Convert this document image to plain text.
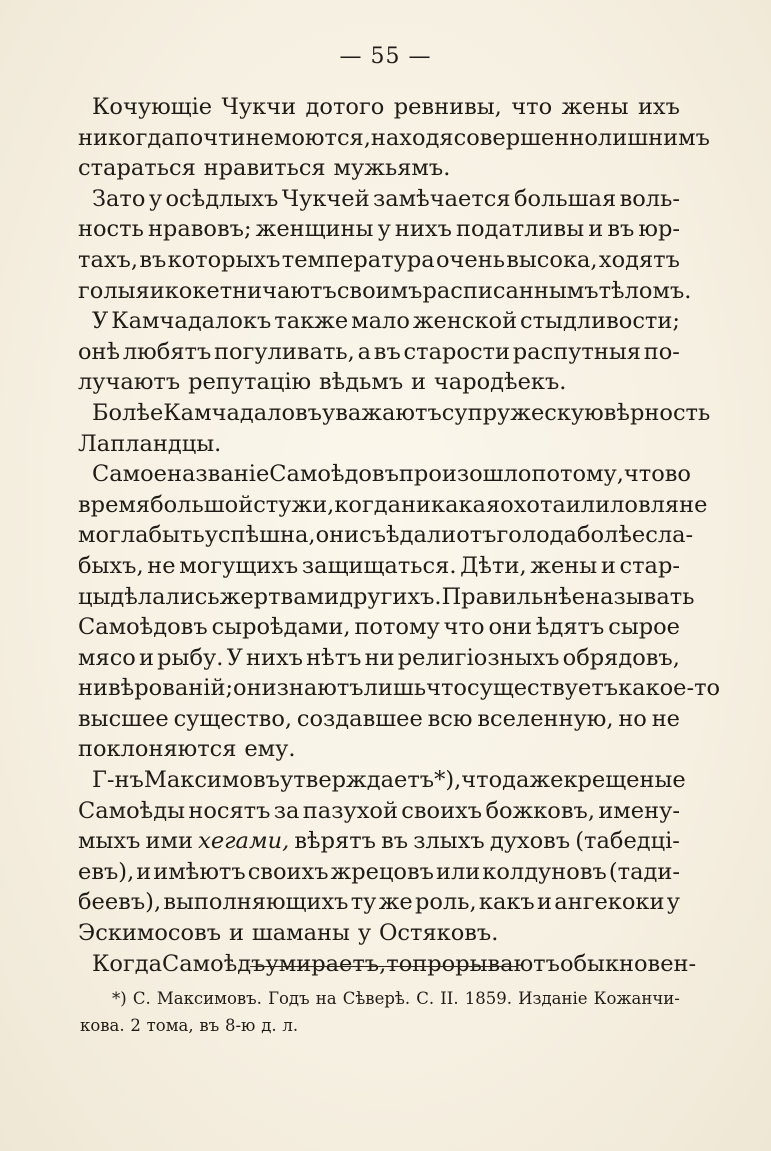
— 55 —
Кочующіе Чукчи дотого ревнивы, что жены ихъ
никогда почти не моются, находя совершенно лишнимъ
стараться нравиться мужьямъ.
Зато у осѣдлыхъ Чукчей замѣчается большая воль-
ность нравовъ; женщины у нихъ податливы и въ юр-
тахъ, въ которыхъ температура очень высока, ходятъ
голыя и кокетничаютъ своимъ расписаннымъ тѣломъ.
У Камчадалокъ также мало женской стыдливости;
онѣ любятъ погуливать, а въ старости распутныя по-
лучаютъ репутацію вѣдьмъ и чародѣекъ.
Болѣе Камчадаловъ уважаютъ супружескую вѣрность
Лапландцы.
Самое названіе Самоѣдовъ произошло потому, что во
время большой стужи, когда никакая охота или ловля не
могла быть успѣшна, они съѣдали отъ голода болѣе сла-
быхъ, не могущихъ защищаться. Дѣти, жены и стар-
цы дѣлались жертвами другихъ. Правильнѣе называть
Самоѣдовъ сыроѣдами, потому что они ѣдятъ сырое
мясо и рыбу. У нихъ нѣтъ ни религіозныхъ обрядовъ,
ни вѣрованій; они знаютъ лишь что существуетъ какое-то
высшее существо, создавшее всю вселенную, но не
поклоняются ему.
Г-нъ Максимовъ утверждаетъ *), что даже крещеные
Самоѣды носятъ за пазухой своихъ божковъ, имену-
мыхъ ими хегами, вѣрятъ въ злыхъ духовъ (табедці-
евъ), и имѣютъ своихъ жрецовъ или колдуновъ (тади-
беевъ), выполняющихъ ту же роль, какъ и ангекоки у
Эскимосовъ и шаманы у Остяковъ.
Когда Самоѣдъ умираетъ, то прорываютъ обыкновен-
*) С. Максимовъ. Годъ на Сѣверѣ. С. II. 1859. Изданіе Кожанчи-
кова. 2 тома, въ 8-ю д. л.
